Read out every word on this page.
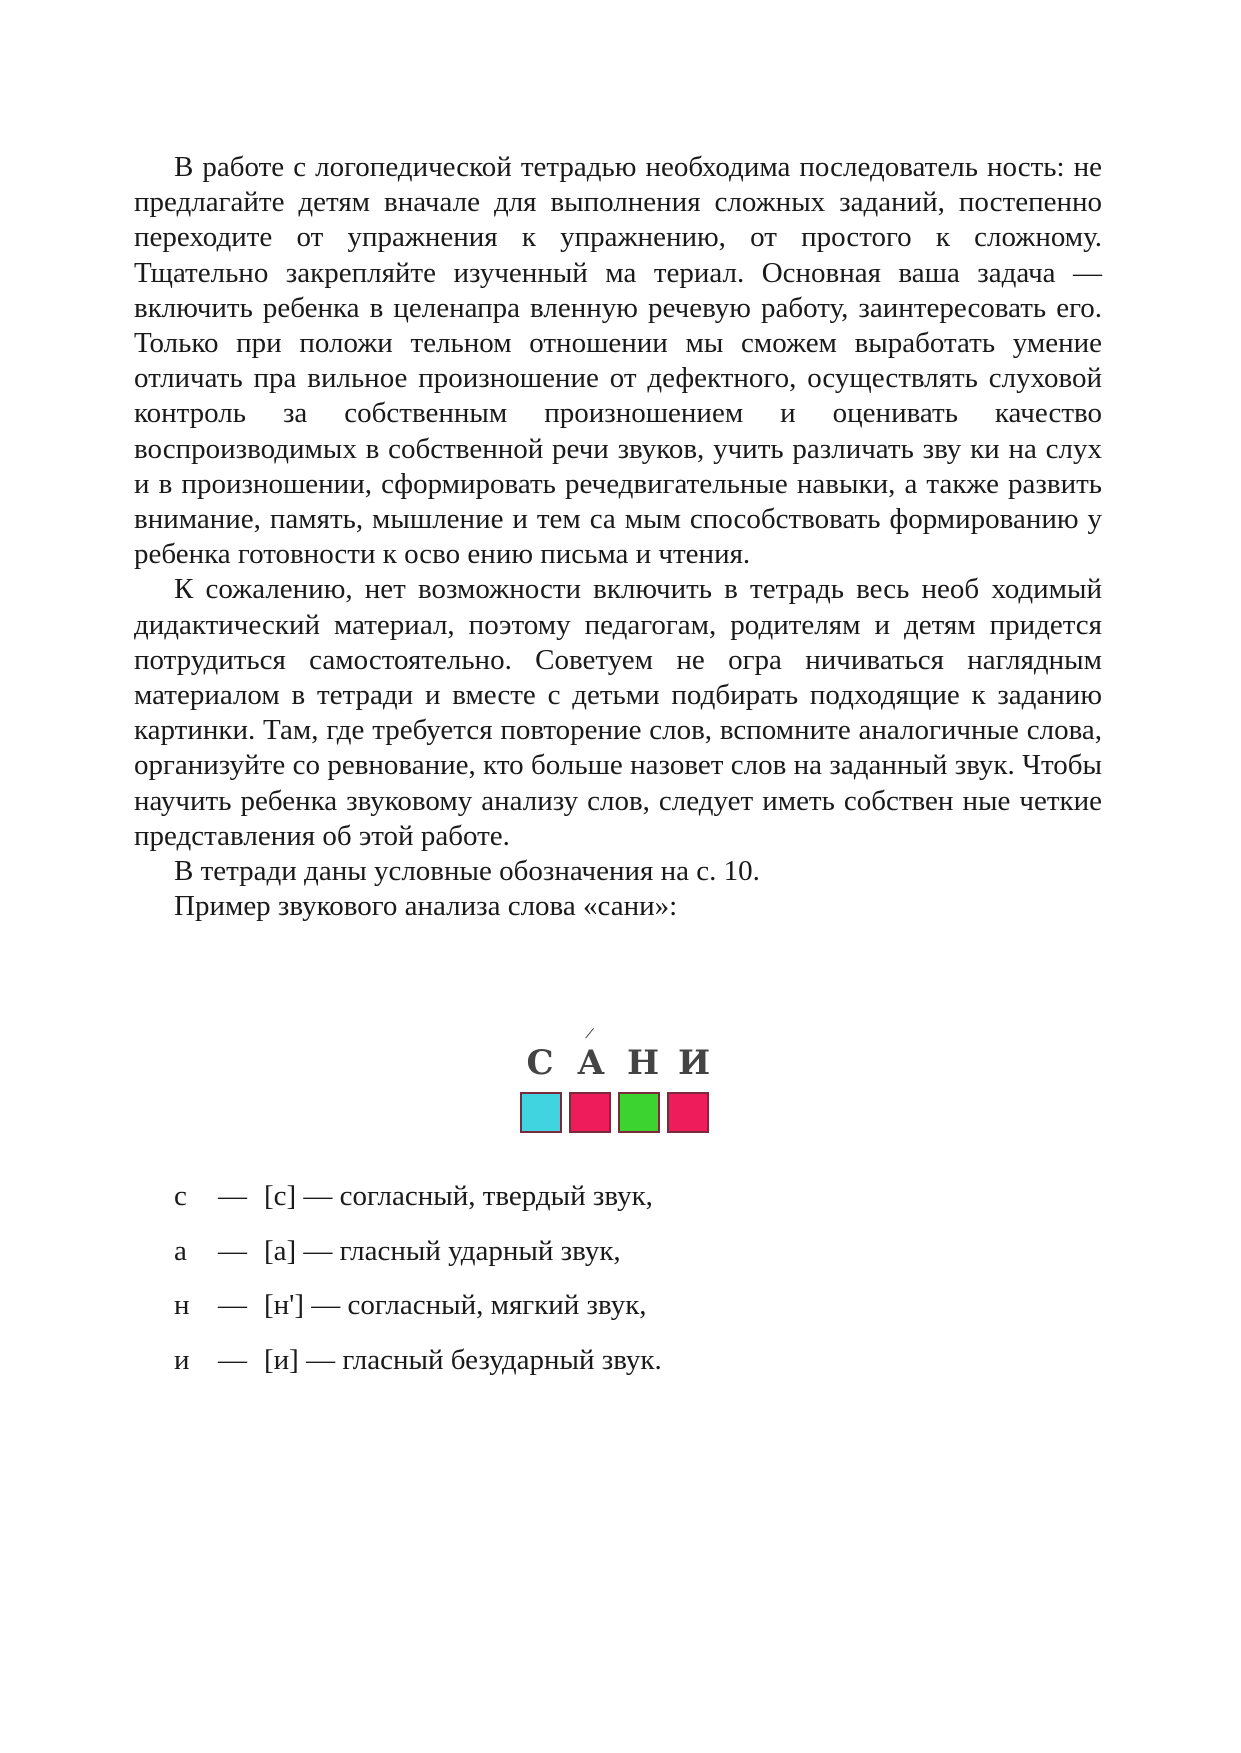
В работе с логопедической тетрадью необходима последователь ность: не предлагайте детям вначале для выполнения сложных заданий, постепенно переходите от упражнения к упражнению, от простого к сложному. Тщательно закрепляйте изученный ма териал. Основная ваша задача — включить ребенка в целенапра вленную речевую работу, заинтересовать его. Только при положи тельном отношении мы сможем выработать умение отличать пра вильное произношение от дефектного, осуществлять слуховой контроль за собственным произношением и оценивать качество воспроизводимых в собственной речи звуков, учить различать зву ки на слух и в произношении, сформировать речедвигательные навыки, а также развить внимание, память, мышление и тем са мым способствовать формированию у ребенка готовности к осво ению письма и чтения.

К сожалению, нет возможности включить в тетрадь весь необ ходимый дидактический материал, поэтому педагогам, родителям и детям придется потрудиться самостоятельно. Советуем не огра ничиваться наглядным материалом в тетради и вместе с детьми подбирать подходящие к заданию картинки. Там, где требуется повторение слов, вспомните аналогичные слова, организуйте со ревнование, кто больше назовет слов на заданный звук. Чтобы научить ребенка звуковому анализу слов, следует иметь собствен ные четкие представления об этой работе.

В тетради даны условные обозначения на с. 10.

Пример звукового анализа слова «сани»:

С А
/
Н И
с — [с] — согласный, твердый звук,
а — [а] — гласный ударный звук,
н — [н'] — согласный, мягкий звук,
и — [и] — гласный безударный звук.
